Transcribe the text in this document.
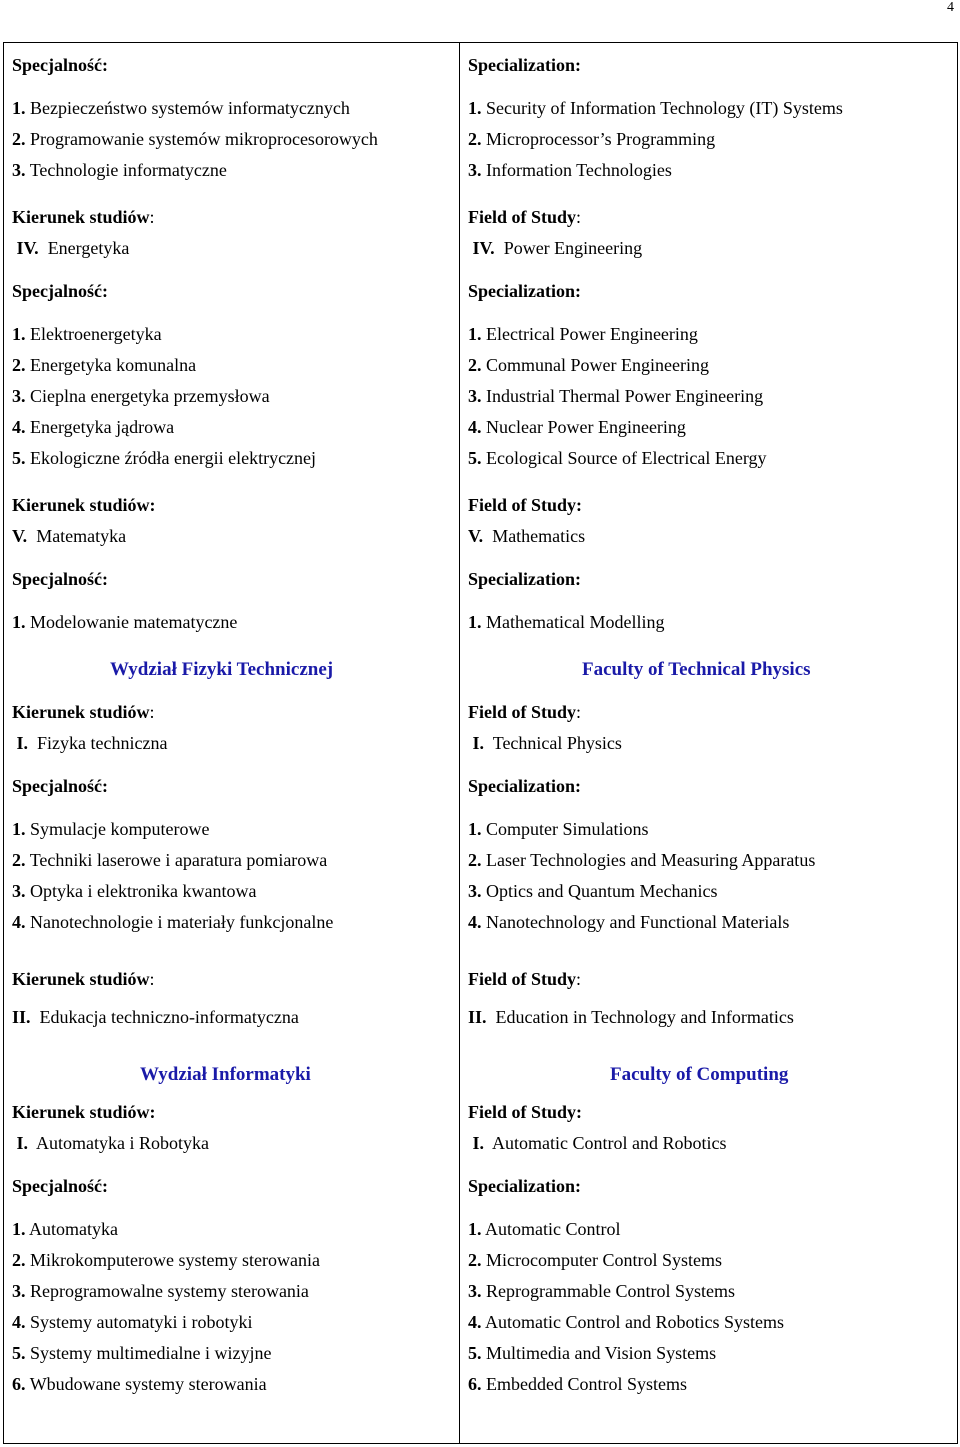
4
Specjalność:
1. Bezpieczeństwo systemów informatycznych
2. Programowanie systemów mikroprocesorowych
3. Technologie informatyczne
Kierunek studiów:
IV. Energetyka
Specjalność:
1. Elektroenergetyka
2. Energetyka komunalna
3. Cieplna energetyka przemysłowa
4. Energetyka jądrowa
5. Ekologiczne źródła energii elektrycznej
Kierunek studiów:
V. Matematyka
Specjalność:
1. Modelowanie matematyczne
Wydział Fizyki Technicznej
Kierunek studiów:
I. Fizyka techniczna
Specjalność:
1. Symulacje komputerowe
2. Techniki laserowe i aparatura pomiarowa
3. Optyka i elektronika kwantowa
4. Nanotechnologie i materiały funkcjonalne
Kierunek studiów:
II. Edukacja techniczno-informatyczna
Wydział Informatyki
Kierunek studiów:
I. Automatyka i Robotyka
Specjalność:
1. Automatyka
2. Mikrokomputerowe systemy sterowania
3. Reprogramowalne systemy sterowania
4. Systemy automatyki i robotyki
5. Systemy multimedialne i wizyjne
6. Wbudowane systemy sterowania

Specialization:
1. Security of Information Technology (IT) Systems
2. Microprocessor’s Programming
3. Information Technologies
Field of Study:
IV. Power Engineering
Specialization:
1. Electrical Power Engineering
2. Communal Power Engineering
3. Industrial Thermal Power Engineering
4. Nuclear Power Engineering
5. Ecological Source of Electrical Energy
Field of Study:
V. Mathematics
Specialization:
1. Mathematical Modelling
Faculty of Technical Physics
Field of Study:
I. Technical Physics
Specialization:
1. Computer Simulations
2. Laser Technologies and Measuring Apparatus
3. Optics and Quantum Mechanics
4. Nanotechnology and Functional Materials
Field of Study:
II. Education in Technology and Informatics
Faculty of Computing
Field of Study:
I. Automatic Control and Robotics
Specialization:
1. Automatic Control
2. Microcomputer Control Systems
3. Reprogrammable Control Systems
4. Automatic Control and Robotics Systems
5. Multimedia and Vision Systems
6. Embedded Control Systems
